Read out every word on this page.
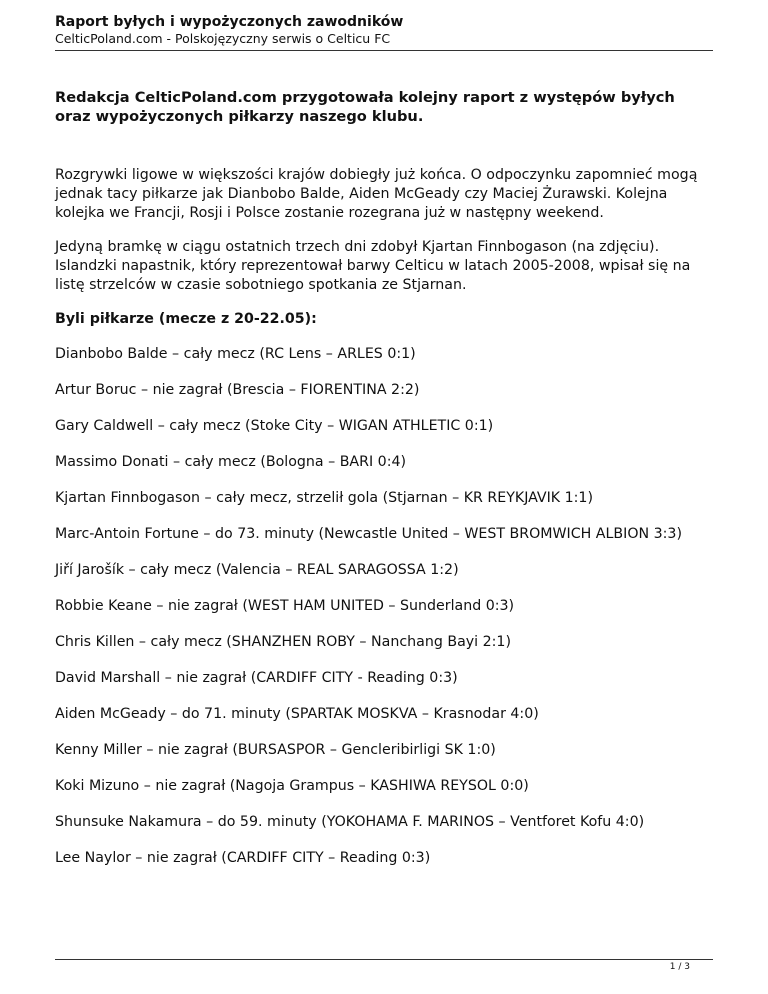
Raport byłych i wypożyczonych zawodników

CelticPoland.com - Polskojęzyczny serwis o Celticu FC

Redakcja CelticPoland.com przygotowała kolejny raport z występów byłych oraz wypożyczonych piłkarzy naszego klubu.

Rozgrywki ligowe w większości krajów dobiegły już końca. O odpoczynku zapomnieć mogą jednak tacy piłkarze jak Dianbobo Balde, Aiden McGeady czy Maciej Żurawski. Kolejna kolejka we Francji, Rosji i Polsce zostanie rozegrana już w następny weekend.

Jedyną bramkę w ciągu ostatnich trzech dni zdobył Kjartan Finnbogason (na zdjęciu). Islandzki napastnik, który reprezentował barwy Celticu w latach 2005-2008, wpisał się na listę strzelców w czasie sobotniego spotkania ze Stjarnan.

Byli piłkarze (mecze z 20-22.05):

Dianbobo Balde – cały mecz (RC Lens – ARLES 0:1)

Artur Boruc – nie zagrał (Brescia – FIORENTINA 2:2)

Gary Caldwell – cały mecz (Stoke City – WIGAN ATHLETIC 0:1)

Massimo Donati – cały mecz (Bologna – BARI 0:4)

Kjartan Finnbogason – cały mecz, strzelił gola (Stjarnan – KR REYKJAVIK 1:1)

Marc-Antoin Fortune – do 73. minuty (Newcastle United – WEST BROMWICH ALBION 3:3)

Jiří Jarošík – cały mecz (Valencia – REAL SARAGOSSA 1:2)

Robbie Keane – nie zagrał (WEST HAM UNITED – Sunderland 0:3)

Chris Killen – cały mecz (SHANZHEN ROBY – Nanchang Bayi 2:1)

David Marshall – nie zagrał (CARDIFF CITY - Reading 0:3)

Aiden McGeady – do 71. minuty (SPARTAK MOSKVA – Krasnodar 4:0)

Kenny Miller – nie zagrał (BURSASPOR – Gencleribirligi SK 1:0)

Koki Mizuno – nie zagrał (Nagoja Grampus – KASHIWA REYSOL 0:0)

Shunsuke Nakamura – do 59. minuty (YOKOHAMA F. MARINOS – Ventforet Kofu 4:0)

Lee Naylor – nie zagrał (CARDIFF CITY – Reading 0:3)

1 / 3
